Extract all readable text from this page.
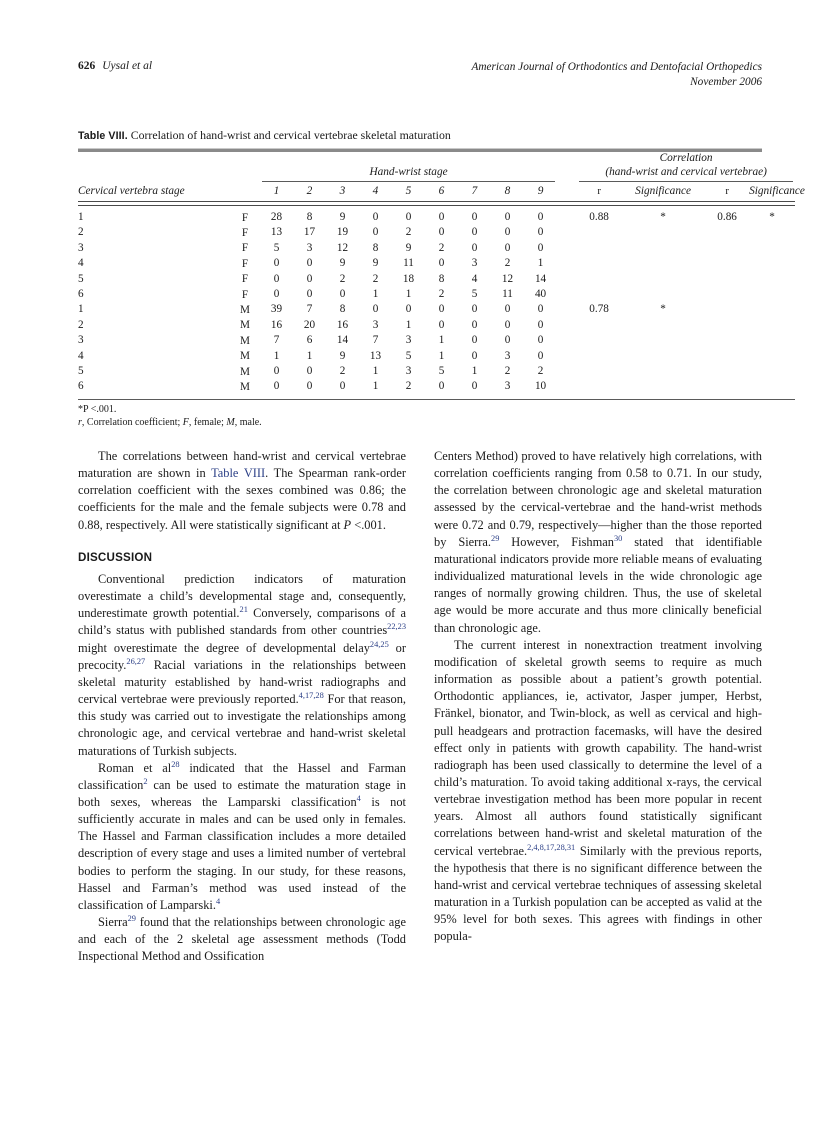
626 Uysal et al	American Journal of Orthodontics and Dentofacial Orthopedics
November 2006
Table VIII. Correlation of hand-wrist and cervical vertebrae skeletal maturation

		Hand-wrist stage										Correlation
(hand-wrist and cervical vertebrae)			

Cervical vertebra stage		1	2	3	4	5	6	7	8	9		r	Significance	r	Significance

1	F	28	8	9	0	0	0	0	0	0		0.88	*	0.86	*
2	F	13	17	19	0	2	0	0	0	0					
3	F	5	3	12	8	9	2	0	0	0					
4	F	0	0	9	9	11	0	3	2	1					
5	F	0	0	2	2	18	8	4	12	14					
6	F	0	0	0	1	1	2	5	11	40					
1	M	39	7	8	0	0	0	0	0	0		0.78	*		
2	M	16	20	16	3	1	0	0	0	0					
3	M	7	6	14	7	3	1	0	0	0					
4	M	1	1	9	13	5	1	0	3	0					
5	M	0	0	2	1	3	5	1	2	2					
6	M	0	0	0	1	2	0	0	3	10					

*P <.001.
r, Correlation coefficient; F, female; M, male.

The correlations between hand-wrist and cervical vertebrae maturation are shown in Table VIII. The Spearman rank-order correlation coefficient with the sexes combined was 0.86; the coefficients for the male and the female subjects were 0.78 and 0.88, respectively. All were statistically significant at P <.001.

DISCUSSION

Conventional prediction indicators of maturation overestimate a child’s developmental stage and, consequently, underestimate growth potential.$^{21}$ Conversely, comparisons of a child’s status with published standards from other countries$^{22,23}$ might overestimate the degree of developmental delay$^{24,25}$ or precocity.$^{26,27}$ Racial variations in the relationships between skeletal maturity established by hand-wrist radiographs and cervical vertebrae were previously reported.$^{4,17,28}$ For that reason, this study was carried out to investigate the relationships among chronologic age, and cervical vertebrae and hand-wrist skeletal maturations of Turkish subjects.

Roman et al$^{28}$ indicated that the Hassel and Farman classification$^2$ can be used to estimate the maturation stage in both sexes, whereas the Lamparski classification$^4$ is not sufficiently accurate in males and can be used only in females. The Hassel and Farman classification includes a more detailed description of every stage and uses a limited number of vertebral bodies to perform the staging. In our study, for these reasons, Hassel and Farman’s method was used instead of the classification of Lamparski.$^4$

Sierra$^{29}$ found that the relationships between chronologic age and each of the 2 skeletal age assessment methods (Todd Inspectional Method and Ossification

Centers Method) proved to have relatively high correlations, with correlation coefficients ranging from 0.58 to 0.71. In our study, the correlation between chronologic age and skeletal maturation assessed by the cervical-vertebrae and the hand-wrist methods were 0.72 and 0.79, respectively—higher than the those reported by Sierra.$^{29}$ However, Fishman$^{30}$ stated that identifiable maturational indicators provide more reliable means of evaluating individualized maturational levels in the wide chronologic age ranges of normally growing children. Thus, the use of skeletal age would be more accurate and thus more clinically beneficial than chronologic age.

The current interest in nonextraction treatment involving modification of skeletal growth seems to require as much information as possible about a patient’s growth potential. Orthodontic appliances, ie, activator, Jasper jumper, Herbst, Fränkel, bionator, and Twin-block, as well as cervical and high-pull headgears and protraction facemasks, will have the desired effect only in patients with growth capability. The hand-wrist radiograph has been used classically to determine the level of a child’s maturation. To avoid taking additional x-rays, the cervical vertebrae investigation method has been more popular in recent years. Almost all authors found statistically significant correlations between hand-wrist and skeletal maturation of the cervical vertebrae.$^{2,4,8,17,28,31}$ Similarly with the previous reports, the hypothesis that there is no significant difference between the hand-wrist and cervical vertebrae techniques of assessing skeletal maturation in a Turkish population can be accepted as valid at the 95% level for both sexes. This agrees with findings in other popula-
